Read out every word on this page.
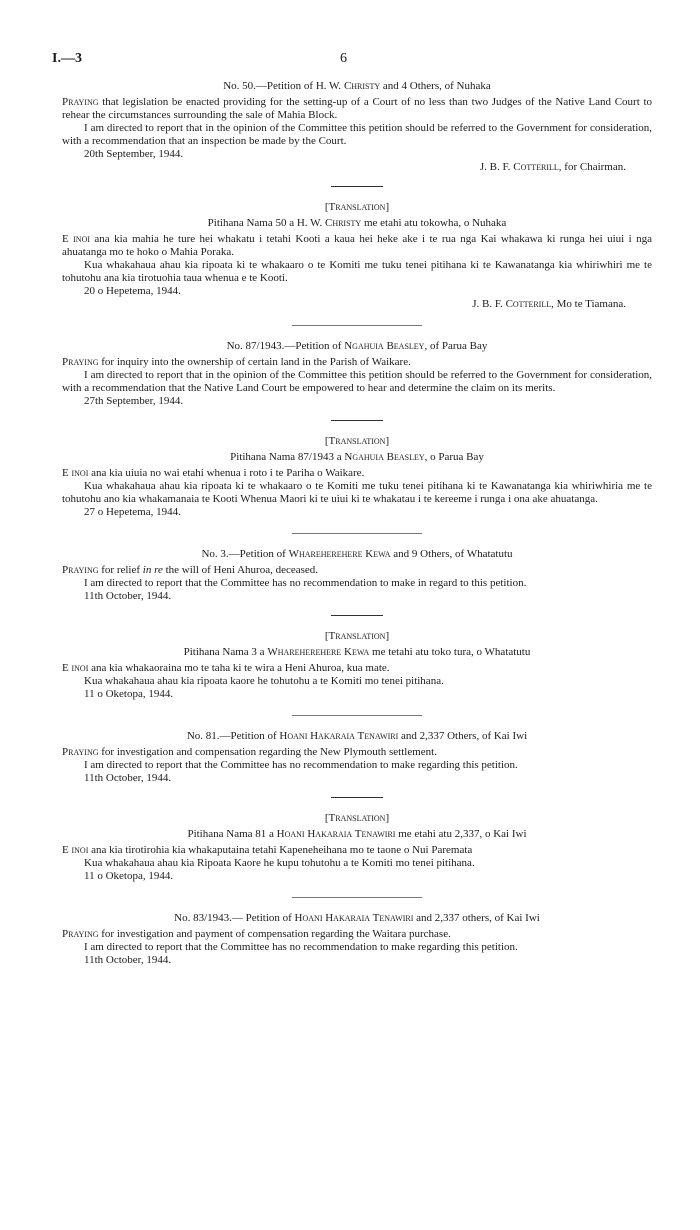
I.—3	6

No. 50.—Petition of H. W. Christy and 4 Others, of Nuhaka

Praying that legislation be enacted providing for the setting-up of a Court of no less than two Judges of the Native Land Court to rehear the circumstances surrounding the sale of Mahia Block.

I am directed to report that in the opinion of the Committee this petition should be referred to the Government for consideration, with a recommendation that an inspection be made by the Court.

20th September, 1944.

J. B. F. Cotterill, for Chairman.

[Translation]

Pitihana Nama 50 a H. W. Christy me etahi atu tokowha, o Nuhaka

E inoi ana kia mahia he ture hei whakatu i tetahi Kooti a kaua hei heke ake i te rua nga Kai whakawa ki runga hei uiui i nga ahuatanga mo te hoko o Mahia Poraka.

Kua whakahaua ahau kia ripoata ki te whakaaro o te Komiti me tuku tenei pitihana ki te Kawanatanga kia whiriwhiri me te tohutohu ana kia tirotuohia taua whenua e te Kooti.

20 o Hepetema, 1944.

J. B. F. Cotterill, Mo te Tiamana.

No. 87/1943.—Petition of Ngahuia Beasley, of Parua Bay

Praying for inquiry into the ownership of certain land in the Parish of Waikare.

I am directed to report that in the opinion of the Committee this petition should be referred to the Government for consideration, with a recommendation that the Native Land Court be empowered to hear and determine the claim on its merits.

27th September, 1944.

[Translation]

Pitihana Nama 87/1943 a Ngahuia Beasley, o Parua Bay

E inoi ana kia uiuia no wai etahi whenua i roto i te Pariha o Waikare.

Kua whakahaua ahau kia ripoata ki te whakaaro o te Komiti me tuku tenei pitihana ki te Kawanatanga kia whiriwhiria me te tohutohu ano kia whakamanaia te Kooti Whenua Maori ki te uiui ki te whakatau i te kereeme i runga i ona ake ahuatanga.

27 o Hepetema, 1944.

No. 3.—Petition of Whareherehere Kewa and 9 Others, of Whatatutu

Praying for relief in re the will of Heni Ahuroa, deceased.

I am directed to report that the Committee has no recommendation to make in regard to this petition.

11th October, 1944.

[Translation]

Pitihana Nama 3 a Whareherehere Kewa me tetahi atu toko tura, o Whatatutu

E inoi ana kia whakaoraina mo te taha ki te wira a Heni Ahuroa, kua mate.

Kua whakahaua ahau kia ripoata kaore he tohutohu a te Komiti mo tenei pitihana.

11 o Oketopa, 1944.

No. 81.—Petition of Hoani Hakaraia Tenawiri and 2,337 Others, of Kai Iwi

Praying for investigation and compensation regarding the New Plymouth settlement.

I am directed to report that the Committee has no recommendation to make regarding this petition.

11th October, 1944.

[Translation]

Pitihana Nama 81 a Hoani Hakaraia Tenawiri me etahi atu 2,337, o Kai Iwi

E inoi ana kia tirotirohia kia whakaputaina tetahi Kapeneheihana mo te taone o Nui Paremata

Kua whakahaua ahau kia Ripoata Kaore he kupu tohutohu a te Komiti mo tenei pitihana.

11 o Oketopa, 1944.

No. 83/1943.— Petition of Hoani Hakaraia Tenawiri and 2,337 others, of Kai Iwi

Praying for investigation and payment of compensation regarding the Waitara purchase.

I am directed to report that the Committee has no recommendation to make regarding this petition.

11th October, 1944.
